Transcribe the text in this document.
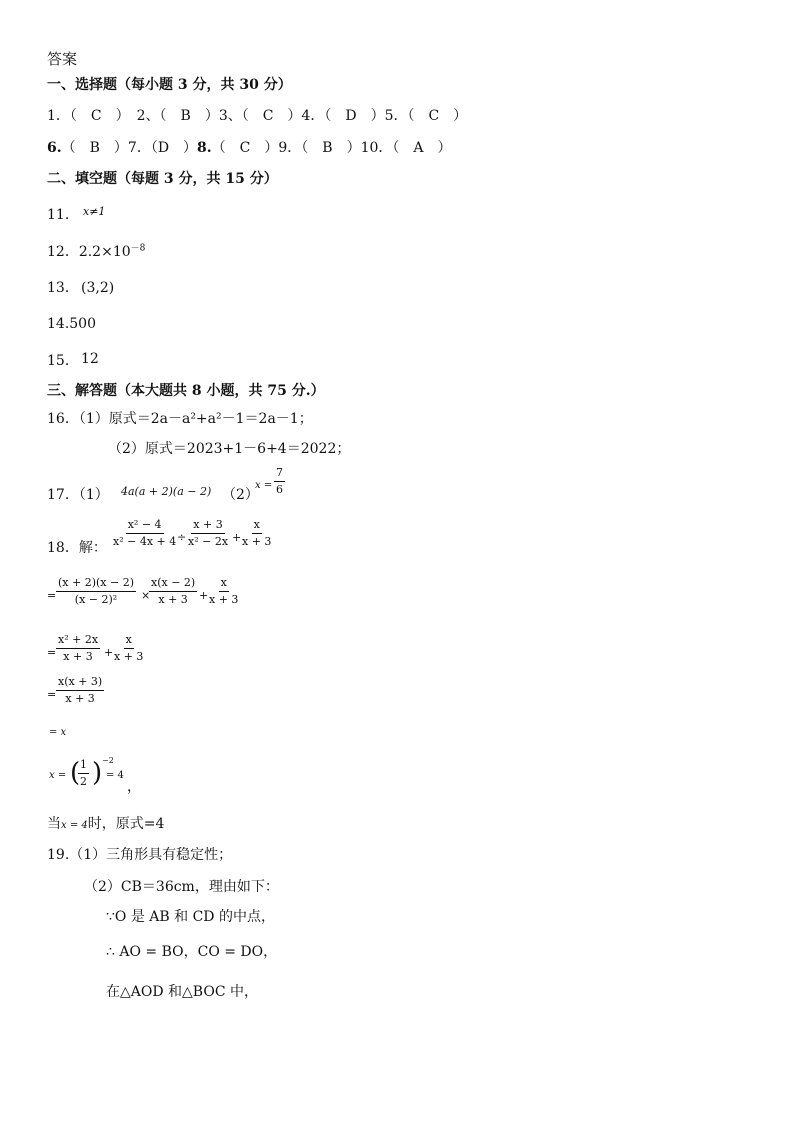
答案
一、选择题（每小题 3 分，共 30 分）
1．（　C　）　2、（　B　）3、（　C　）4．（　D　）5．（　C　）
6.（　B　）7．（D　）8.（　C　）9．（　B　）10．（　A　）
二、填空题（每题 3 分，共 15 分）
11． x≠1
12．$2.2\times 10^{-8}$
13． (3,2)
14.500
15． 12
三、解答题（本大题共 8 小题，共 75 分.）
16．（1）原式＝2a－a²+a²－1＝2a－1；
（2）原式＝2023+1－6+4＝2022；
17．（1） 4a(a + 2)(a − 2) （2）
$x = \frac{7}{6}$
18．解： $\frac{\text{x² − 4}}{\text{x² − 4x + 4}}$
÷ $\frac{x + 3}{\text{x² − 2x}}$ +
$\frac{x}{x + 3}$
= $\frac{(x + 2)(x - 2)}{\text{(x − 2)²}}$ ×
$\frac{x(x - 2)}{x + 3}$ +
$\frac{x}{x + 3}$
= $\frac{\text{x² + 2x}}{x + 3}$ +
$\frac{x}{x + 3}$
= $\frac{x(x + 3)}{x + 3}$
= x
x = (
$\frac{1}{2}$ ) −2
= 4
，
当x = 4时，原式=4
19.（1）三角形具有稳定性；
（2）CB＝36cm，理由如下：
∵O 是 AB 和 CD 的中点，
∴ AO = BO，CO = DO，
在△AOD 和△BOC 中，
